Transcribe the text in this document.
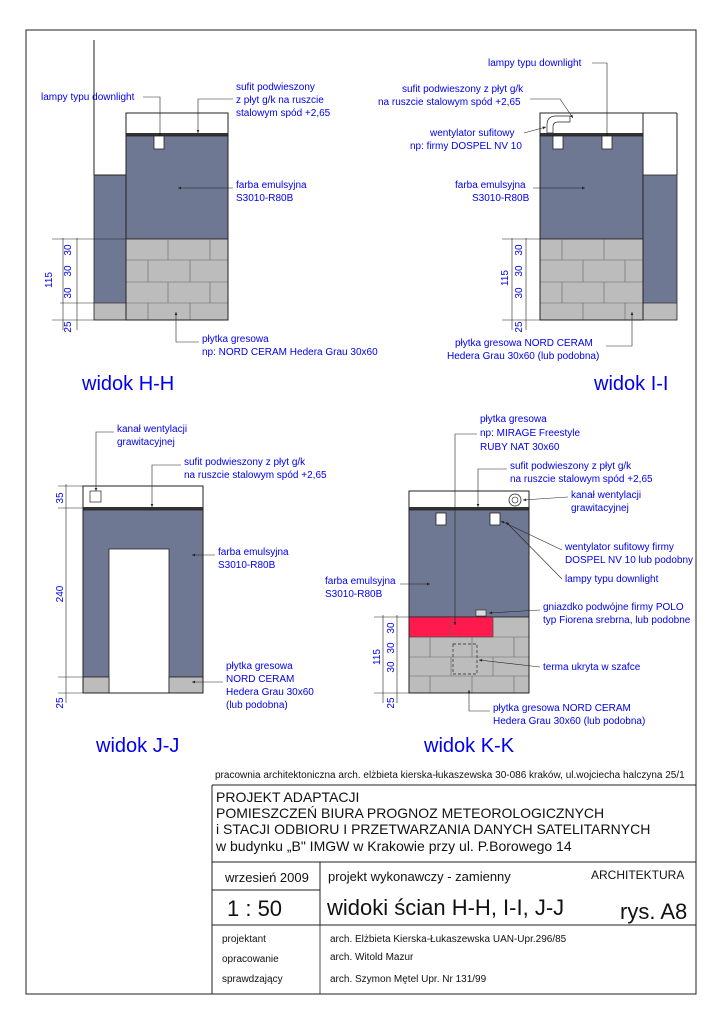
115
30
30
30
25
lampy typu downlight
sufit podwieszony
z płyt g/k na ruszcie
stalowym spód +2,65
farba emulsyjna
S3010-R80B
płytka gresowa
np: NORD CERAM Hedera Grau 30x60
widok H-H
115
30
30
30
25
lampy typu downlight
sufit podwieszony z płyt g/k
na ruszcie stalowym spód +2,65
wentylator sufitowy
np: firmy DOSPEL NV 10
farba emulsyjna
S3010-R80B
płytka gresowa NORD CERAM
Hedera Grau 30x60 (lub podobna)
widok I-I
35
240
25
kanał wentylacji
grawitacyjnej
sufit podwieszony z płyt g/k
na ruszcie stalowym spód +2,65
farba emulsyjna
S3010-R80B
płytka gresowa
NORD CERAM
Hedera Grau 30x60
(lub podobna)
widok J-J
115
30
30
30
25
płytka gresowa
np: MIRAGE Freestyle
RUBY NAT 30x60
sufit podwieszony z płyt g/k
na ruszcie stalowym spód +2,65
kanał wentylacji
grawitacyjnej
wentylator sufitowy firmy
DOSPEL NV 10 lub podobny
lampy typu downlight
farba emulsyjna
S3010-R80B
gniazdko podwójne firmy POLO
typ Fiorena srebrna, lub podobne
terma ukryta w szafce
płytka gresowa NORD CERAM
Hedera Grau 30x60 (lub podobna)
widok K-K
pracownia architektoniczna arch. elżbieta kierska-łukaszewska 30-086 kraków, ul.wojciecha halczyna 25/1
PROJEKT ADAPTACJI
POMIESZCZEŃ BIURA PROGNOZ METEOROLOGICZNYCH
i STACJI ODBIORU I PRZETWARZANIA DANYCH SATELITARNYCH
w budynku „B" IMGW w Krakowie przy ul. P.Borowego 14
wrzesień 2009 projekt wykonawczy - zamienny	ARCHITEKTURA
1 : 50 widoki ścian H-H, I-I, J-J	rys. A8
projektant	arch. Elżbieta Kierska-Łukaszewska UAN-Upr.296/85
opracowanie	arch. Witold Mazur
sprawdzający	arch. Szymon Mętel Upr. Nr 131/99
